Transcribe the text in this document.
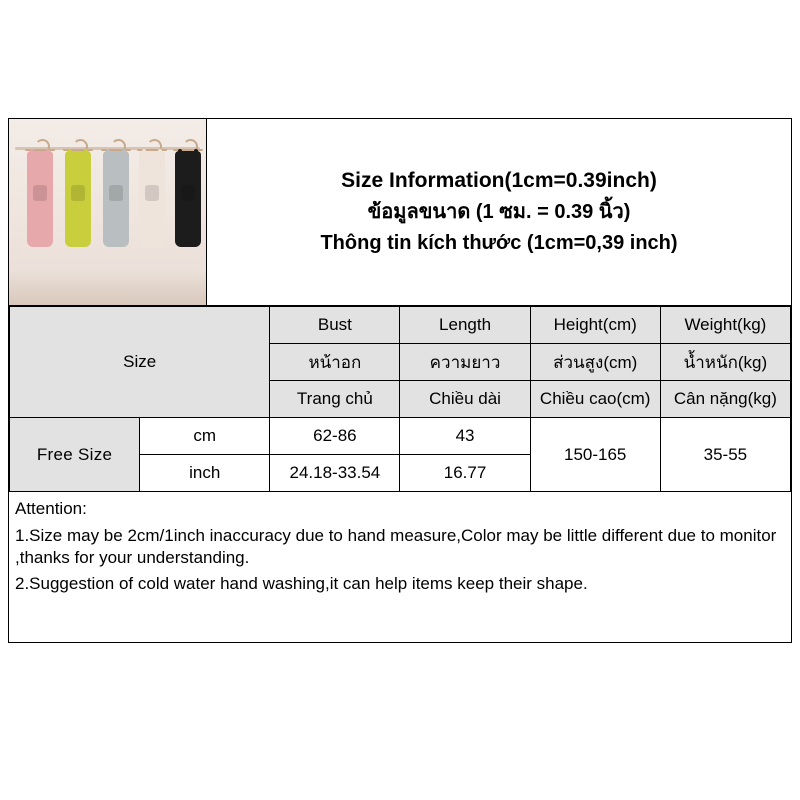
Size Information(1cm=0.39inch)
ข้อมูลขนาด (1 ซม. = 0.39 นิ้ว)
Thông tin kích thước (1cm=0,39 inch)
Size		Bust	Length	Height(cm)	Weight(kg)
		หน้าอก	ความยาว	ส่วนสูง(cm)	น้ำหนัก(kg)
		Trang chủ	Chiều dài	Chiều cao(cm)	Cân nặng(kg)
Free Size	cm	62-86	43	150-165	35-55
	inch	24.18-33.54	16.77		

Attention:

1.Size may be 2cm/1inch inaccuracy due to hand measure,Color may be little different due to monitor ,thanks for your understanding.

2.Suggestion of cold water hand washing,it can help items keep their shape.
